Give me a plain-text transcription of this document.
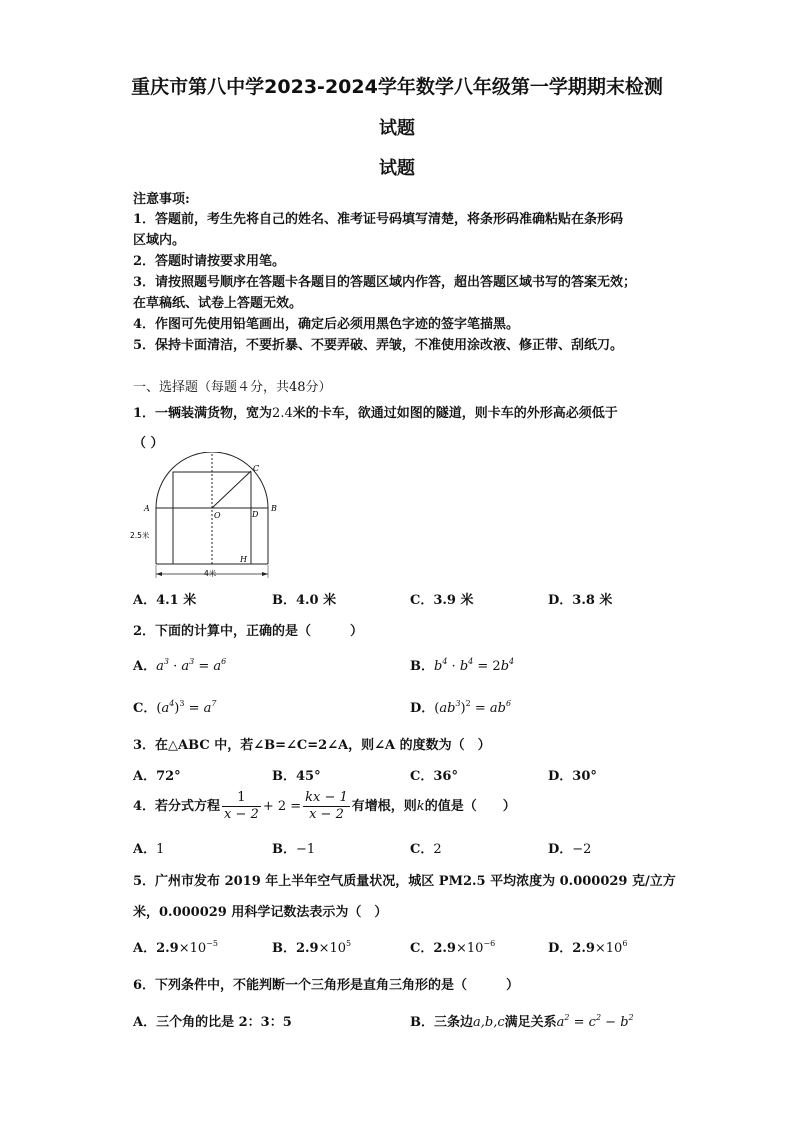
重庆市第八中学2023-2024学年数学八年级第一学期期末检测
试题
试题
注意事项:
1．答题前，考生先将自己的姓名、准考证号码填写清楚，将条形码准确粘贴在条形码
区域内。
2．答题时请按要求用笔。
3．请按照题号顺序在答题卡各题目的答题区域内作答，超出答题区域书写的答案无效；
在草稿纸、试卷上答题无效。
4．作图可先使用铅笔画出，确定后必须用黑色字迹的签字笔描黑。
5．保持卡面清洁，不要折暴、不要弄破、弄皱，不准使用涂改液、修正带、刮纸刀。
一、选择题（每题４分，共48分）
1．一辆装满货物，宽为2.4米的卡车，欲通过如图的隧道，则卡车的外形高必须低于
（ ）
A	B
C
D
O
H
2.5米
4米
A．4.1 米	B．4.0 米	C．3.9 米	D．3.8 米
2．下面的计算中，正确的是（　　　）
A．$a^3 \cdot a^3 = a^6$	B．$b^4 \cdot b^4 = 2b^4$
C．$(a^4)^3 = a^7$	D．$(ab^3)^2 = ab^6$
3．在△ABC 中，若∠B=∠C=2∠A，则∠A 的度数为（　）
A．72°	B．45°	C．36°	D．30°
4．若分式方程 $\frac{1}{x - 2} + 2 = \frac{kx - 1}{x - 2}$ 有增根，则k的值是（　　）
A．1	B．−1	C．2	D．−2
5．广州市发布 2019 年上半年空气质量状况，城区 PM2.5 平均浓度为 0.000029 克/立方
米，0.000029 用科学记数法表示为（　）
A．$2.9\times 10^{-5}$	B．$2.9\times 10^5$	C．$2.9\times 10^{-6}$	D．$2.9\times 10^6$
6．下列条件中，不能判断一个三角形是直角三角形的是（　　　）
A．三个角的比是 2：3：5	B．三条边a,b,c满足关系$a^2 = c^2 - b^2$
